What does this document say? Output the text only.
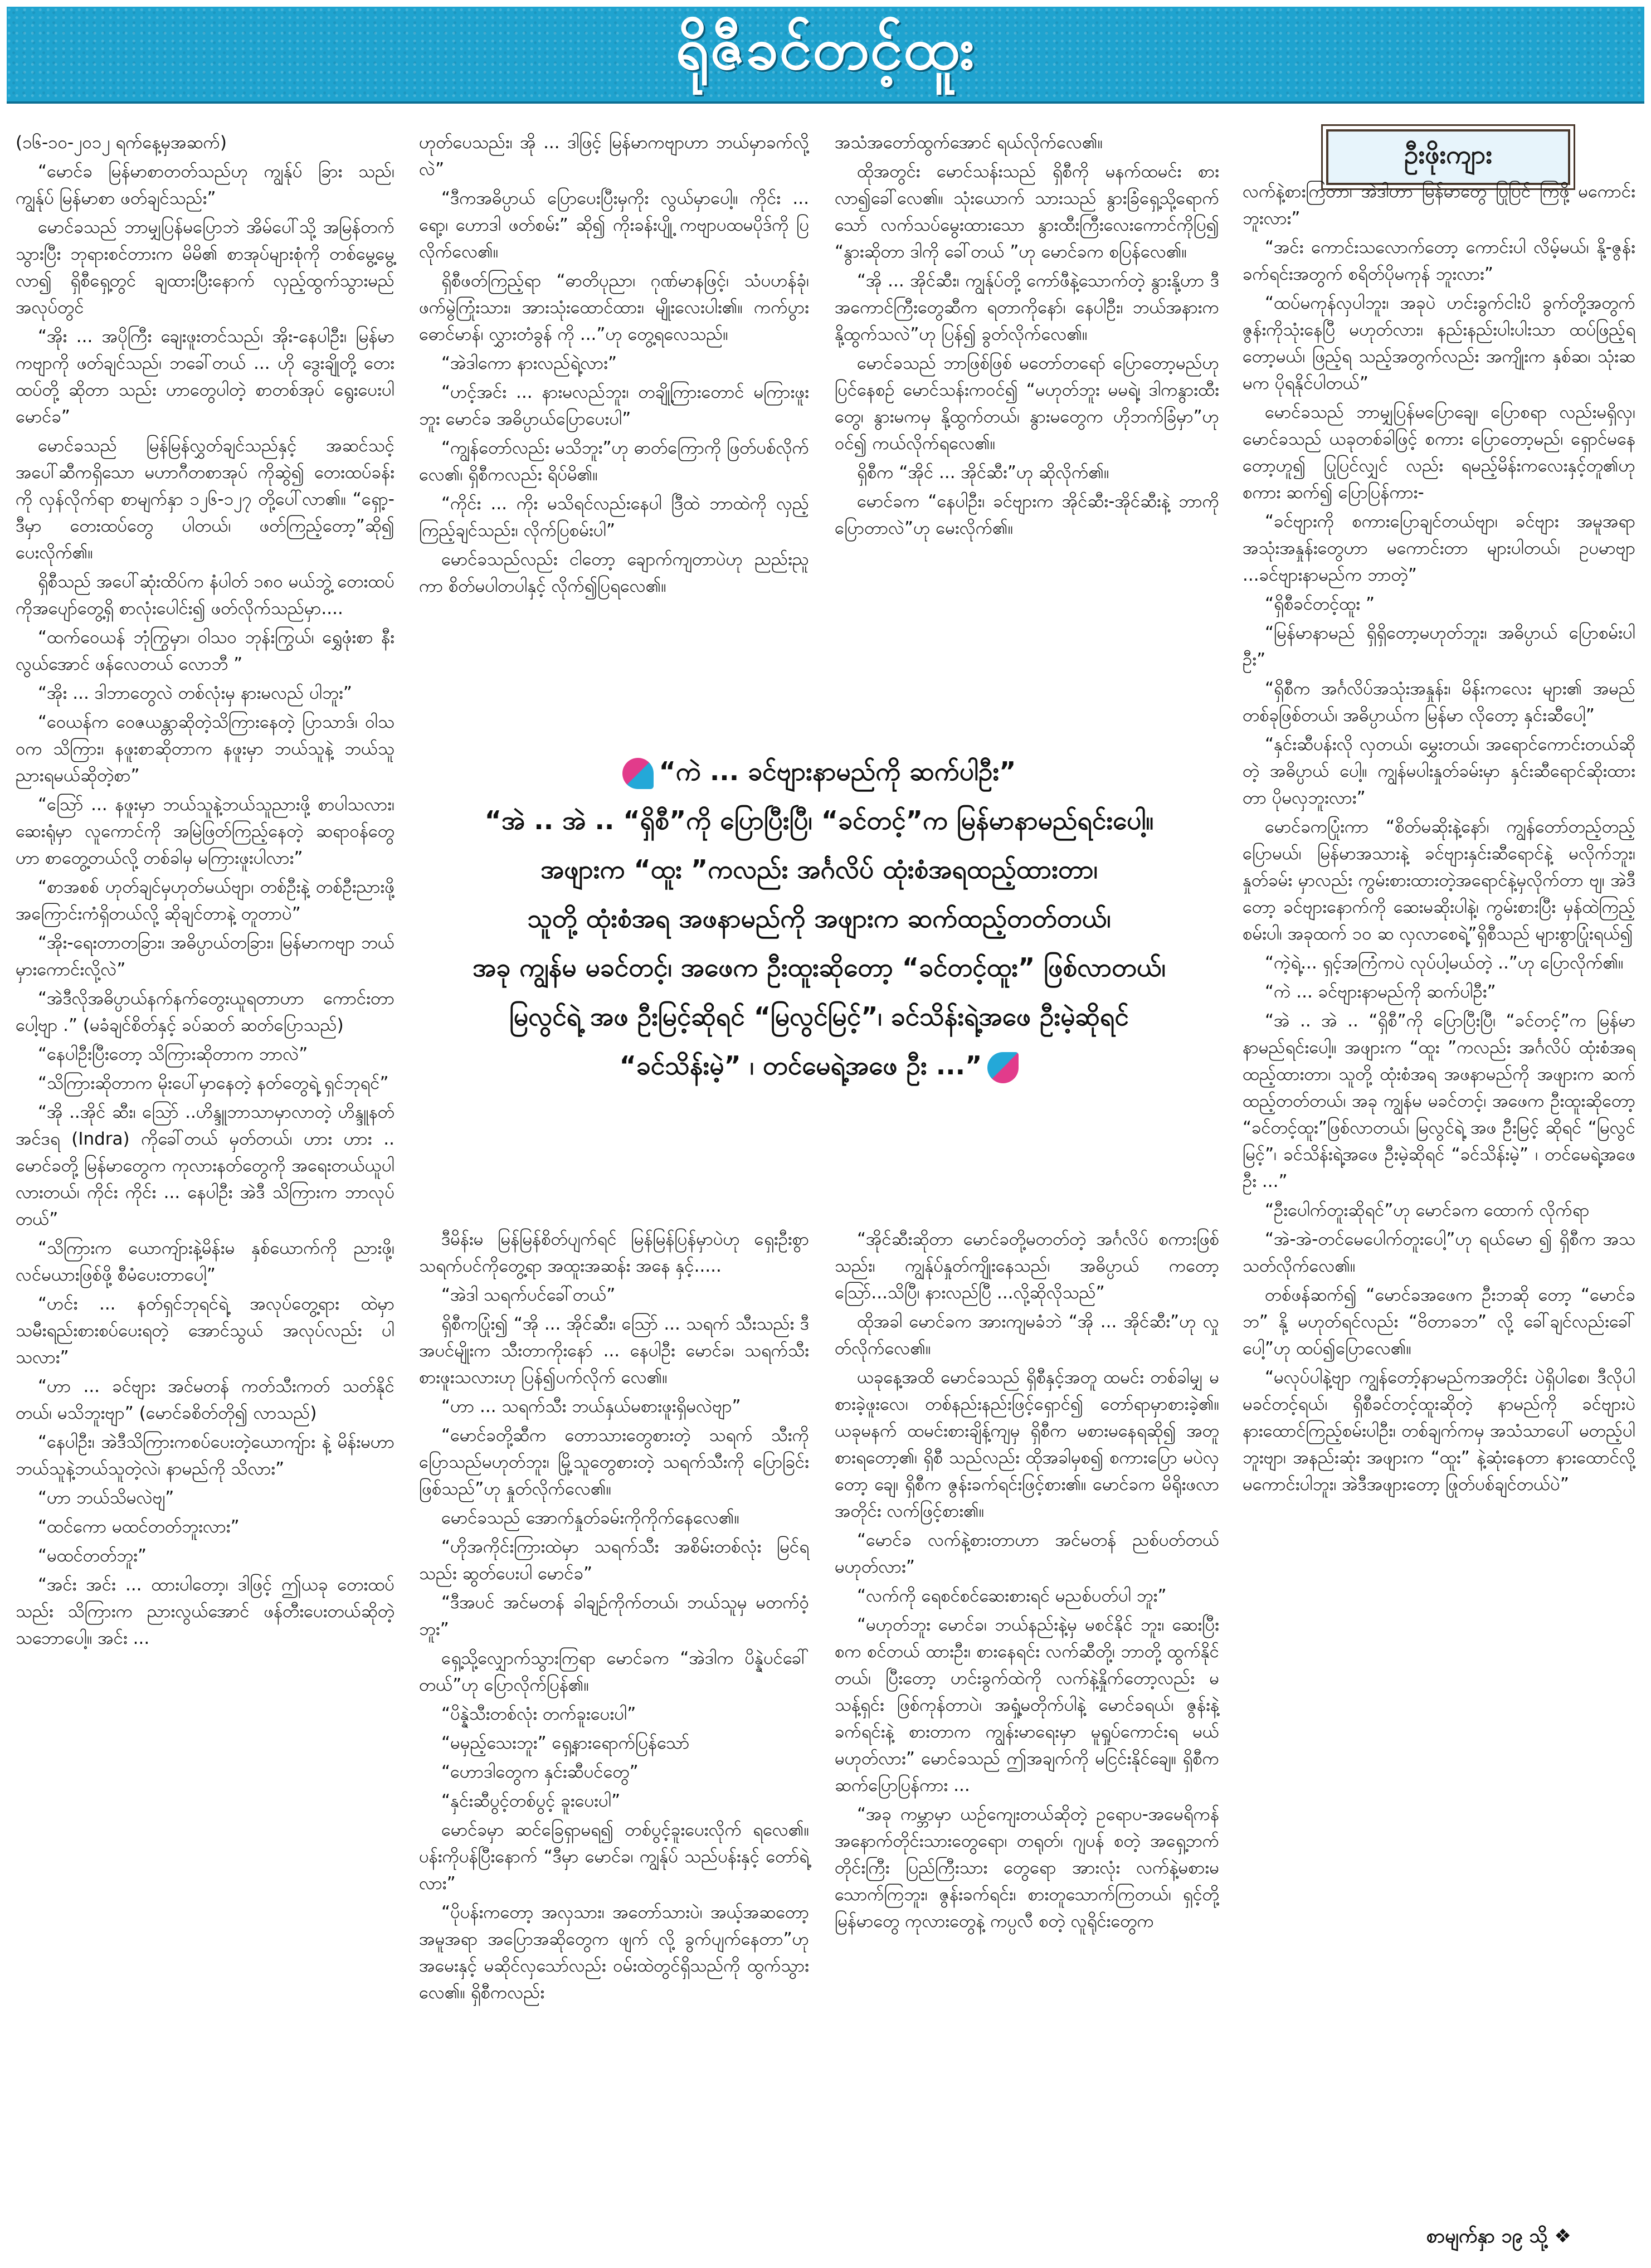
ရိုဇီခင်တင့်ထူး
ဦးဖိုးကျား

(၁၆-၁၀-၂၀၁၂ ရက်နေ့မှအဆက်)

“မောင်ခ မြန်မာစာတတ်သည်ဟု ကျွန်ုပ် ခြား သည်၊ ကျွန်ုပ် မြန်မာစာ ဖတ်ချင်သည်း”

မောင်ခသည် ဘာမျှပြန်မပြောဘဲ အိမ်ပေါ်သို့ အမြန်တက်သွားပြီး ဘုရားစင်တားက မိမိ၏ စာအုပ်များစုံကို တစ်မွေ့မွေ့လာ၍ ရှိစီရှေ့တွင် ချထားပြီးနောက် လှည့်ထွက်သွားမည်အလုပ်တွင်

“အိုး ... အပိုကြီး ချေးဖူးတင်သည်၊ အိုး-နေပါဦး၊ မြန်မာကဗျာကို ဖတ်ချင်သည်၊ ဘခေါ်တယ် ... ဟို ဒွေးချိုတို့ တေးထပ်တို့ ဆိုတာ သည်း ဟာတွေပါတဲ့ စာတစ်အုပ် ရွေးပေးပါ မောင်ခ”

မောင်ခသည် မြန်မြန်လွှတ်ချင်သည်နှင့် အဆင်သင့် အပေါ်ဆီကရှိသော မဟာဂီတစာအုပ် ကိုဆွဲ၍ တေးထပ်ခန်းကို လှန်လိုက်ရာ စာမျက်နှာ ၁၂၆-၁၂၇ တို့ပေါ်လာ၏။ “ရှော့-ဒီမှာ တေးထပ်တွေ ပါတယ်၊ ဖတ်ကြည့်တော့”ဆို၍ ပေးလိုက်၏။

ရှိစီသည် အပေါ်ဆုံးထိပ်က နံပါတ် ၁၈၀ မယ်ဘွဲ့ တေးထပ်ကိုအပျော်တွေ့ရှိ စာလုံးပေါင်း၍ ဖတ်လိုက်သည်မှာ....

“ထက်ဝေယန် ဘုံကြွမှာ၊ ဝါသဝ ဘုန်းကြွယ်၊ ရွှေဖုံးစာ နီးလွယ်အောင် ဖန်လေတယ် လောဘီ ”

“အိုး ... ဒါဘာတွေလဲ တစ်လုံးမှ နားမလည် ပါဘူး”

“ဝေယန်က ဝေဇယန္တာဆိုတဲ့သိကြားနေတဲ့ ပြာသာဒ်၊ ဝါသဝက သိကြား၊ နဖူးစာဆိုတာက နဖူးမှာ ဘယ်သူနဲ့ ဘယ်သူ ညားရမယ်ဆိုတဲ့စာ”

“ဩော် ... နဖူးမှာ ဘယ်သူနဲ့ဘယ်သူညားဖို့ စာပါသလား၊ ဆေးရုံမှာ လူကောင်ကို အမြဲဖြတ်ကြည့်နေတဲ့ ဆရာဝန်တွေဟာ စာတွေ့တယ်လို့ တစ်ခါမှ မကြားဖူးပါလား”

“စာအစစ် ဟုတ်ချင်မှဟုတ်မယ်ဗျာ၊ တစ်ဦးနဲ့ တစ်ဦးညားဖို့ အကြောင်းကံရှိတယ်လို့ ဆိုချင်တာနဲ့ တူတာပဲ”

“အိုး-ရေးတာတခြား၊ အဓိပ္ပာယ်တခြား၊ မြန်မာကဗျာ ဘယ်မှားကောင်းလို့လဲ”

“အဲဒီလိုအဓိပ္ပာယ်နက်နက်တွေးယူရတာဟာ ကောင်းတာပေါ့ဗျာ .” (မခံချင်စိတ်နှင့် ခပ်ဆတ် ဆတ်ပြောသည်)

“နေပါဦးပြီးတော့ သိကြားဆိုတာက ဘာလဲ”

“သိကြားဆိုတာက မိုးပေါ်မှာနေတဲ့ နတ်တွေရဲ့ ရှင်ဘုရင်”

“အို ..အိုင် ဆီး၊ ဩော် ..ဟိန္ဒူဘာသာမှာလာတဲ့ ဟိန္ဒူနတ်အင်ဒရ (Indra) ကိုခေါ်တယ် မှတ်တယ်၊ ဟား ဟား .. မောင်ခတို့ မြန်မာတွေက ကုလားနတ်တွေကို အရေးတယ်ယူပါလားတယ်၊ ကိုင်း ကိုင်း ... နေပါဦး အဲဒီ သိကြားက ဘာလုပ်တယ်”

“သိကြားက ယောကျ်ားနဲ့မိန်းမ နှစ်ယောက်ကို ညားဖို့၊ လင်မယားဖြစ်ဖို့ စီမံပေးတာပေါ့”

“ဟင်း ... နတ်ရှင်ဘုရင်ရဲ့ အလုပ်တွေ့ရား ထဲမှာ သမီးရည်းစားစပ်ပေးရတဲ့ အောင်သွယ် အလုပ်လည်း ပါသလား”

“ဟာ ... ခင်ဗျား အင်မတန် ကတ်သီးကတ် သတ်နိုင်တယ်၊ မသိဘူးဗျာ” (မောင်ခစိတ်တို၍ လာသည်)

“နေပါဦး၊ အဲဒီသိကြားကစပ်ပေးတဲ့ယောကျ်ား နဲ့ မိန်းမဟာ ဘယ်သူနဲ့ဘယ်သူတဲ့လဲ၊ နာမည်ကို သိလား”

“ဟာ ဘယ်သိမလဲဗျ”

“ထင်ကော မထင်တတ်ဘူးလား”

“မထင်တတ်ဘူး”

“အင်း အင်း ... ထားပါတော့၊ ဒါဖြင့် ဤယခု တေးထပ်သည်း သိကြားက ညားလွယ်အောင် ဖန်တီးပေးတယ်ဆိုတဲ့သဘောပေါ့။ အင်း ...

ဟုတ်ပေသည်း၊ အို ... ဒါဖြင့် မြန်မာကဗျာဟာ ဘယ်မှာခက်လို့လဲ”

“ဒီကအဓိပ္ပာယ် ပြောပေးပြီးမှကိုး လွယ်မှာပေါ့။ ကိုင်း ... ရော့၊ ဟောဒါ ဖတ်စမ်း” ဆို၍ ကိုးခန်းပျို့ ကဗျာပထမပိုဒ်ကို ပြလိုက်လေ၏။

ရှိစီဖတ်ကြည့်ရာ “ဓာတိပုညာ၊ ဂုဏ်မာနဖြင့်၊ သံပဟန်ခုံ၊ ဖက်မွဲကြုံးသား၊ အားသုံးထောင်ထား၊ မျိုးလေးပါး၏။ ကက်ပွားဓောင်မာန်၊ လွှားတံခွန် ကို ...”ဟု တွေ့ရလေသည်။

“အဲဒါကော နားလည်ရဲ့လား”

“ဟင့်အင်း ... နားမလည်ဘူး၊ တချို့ကြားတောင် မကြားဖူးဘူး မောင်ခ အဓိပ္ပာယ်ပြောပေးပါ”

“ကျွန်တော်လည်း မသိဘူး”ဟု ဓာတ်ကြောကို ဖြတ်ပစ်လိုက်လေ၏၊ ရှိစီကလည်း ရိပ်မိ၏။

“ကိုင်း ... ကိုး မသိရင်လည်းနေပါ ဒြီထဲ ဘာထဲကို လှည့်ကြည့်ချင်သည်း၊ လိုက်ပြစမ်းပါ”

မောင်ခသည်လည်း ငါတော့ ချောက်ကျတာပဲဟု ညည်းညူကာ စိတ်မပါတပါနှင့် လိုက်၍ပြရလေ၏။

အသံအတော်ထွက်အောင် ရယ်လိုက်လေ၏။

ထိုအတွင်း မောင်သန်းသည် ရှိစီကို မနက်ထမင်း စားလာ၍ခေါ်လေ၏။ သုံးယောက် သားသည် နွားခြံရှေ့သို့ရောက်သော် လက်သပ်မွေးထားသော နွားထီးကြီးလေးကောင်ကိုပြ၍ “နွားဆိုတာ ဒါကို ခေါ်တယ် ”ဟု မောင်ခက စပြန်လေ၏။

“အို ... အိုင်ဆီး၊ ကျွန်ုပ်တို့ ကော်ဖီနဲ့သောက်တဲ့ နွားနို့ဟာ ဒီအကောင်ကြီးတွေဆီက ရတာကိုနော်၊ နေပါဦး၊ ဘယ်အနားက နို့ထွက်သလဲ”ဟု ပြန်၍ ခွတ်လိုက်လေ၏။

မောင်ခသည် ဘာဖြစ်ဖြစ် မတော်တရော် ပြောတော့မည်ဟု ပြင်နေစဉ် မောင်သန်းကဝင်၍ “မဟုတ်ဘူး မမရဲ့၊ ဒါကနွားထီးတွေ၊ နွားမကမှ နို့ထွက်တယ်၊ နွားမတွေက ဟိုဘက်ခြံမှာ”ဟု ဝင်၍ ကယ်လိုက်ရလေ၏။

ရှိစီက “အိုင် ... အိုင်ဆီး”ဟု ဆိုလိုက်၏။

မောင်ခက “နေပါဦး၊ ခင်ဗျားက အိုင်ဆီး-အိုင်ဆီးနဲ့ ဘာကို ပြောတာလဲ”ဟု မေးလိုက်၏။

လက်နဲ့စားကြတာ၊ အဲဒါဟာ မြန်မာတွေ ပြုပြင် ကြဖို့ မကောင်းဘူးလား”

“အင်း ကောင်းသလောက်တော့ ကောင်းပါ လိမ့်မယ်၊ နို့-ဇွန်းခက်ရင်းအတွက် စရိတ်ပိုမကုန် ဘူးလား”

“ထပ်မကုန်လှပါဘူး၊ အခုပဲ ဟင်းခွက်ငါးပိ ခွက်တို့အတွက် ဇွန်းကိုသုံးနေပြီ မဟုတ်လား၊ နည်းနည်းပါးပါးသာ ထပ်ဖြည့်ရတော့မယ်၊ ဖြည့်ရ သည့်အတွက်လည်း အကျိုးက နှစ်ဆ၊ သုံးဆ မက ပိုရနိုင်ပါတယ်”

မောင်ခသည် ဘာမျှပြန်မပြောချေ၊ ပြောစရာ လည်းမရှိလှ၊ မောင်ခသည် ယခုတစ်ခါဖြင့် စကား ပြောတော့မည်၊ ရှောင်မနေတော့ဟူ၍ ပြုပြင်လျှင် လည်း ရမည့်မိန်းကလေးနှင့်တူ၏ဟု စကား ဆက်၍ ပြောပြန်ကား-

“ခင်ဗျားကို စကားပြောချင်တယ်ဗျာ၊ ခင်ဗျား အမူအရာအသုံးအနှုန်းတွေဟာ မကောင်းတာ များပါတယ်၊ ဥပမာဗျာ ...ခင်ဗျားနာမည်က ဘာတဲ့”

“ရှိစီခင်တင့်ထူး ”

“မြန်မာနာမည် ရှိရှိတော့မဟုတ်ဘူး၊ အဓိပ္ပာယ် ပြောစမ်းပါဦး”

“ရှိစီက အင်္ဂလိပ်အသုံးအနှုန်း၊ မိန်းကလေး များ၏ အမည်တစ်ခုဖြစ်တယ်၊ အဓိပ္ပာယ်က မြန်မာ လိုတော့ နှင်းဆီပေါ့”

“နှင်းဆီပန်းလို လှတယ်၊ မွှေးတယ်၊ အရောင်ကောင်းတယ်ဆိုတဲ့ အဓိပ္ပာယ် ပေါ့။ ကျွန်မပါးနှုတ်ခမ်းမှာ နှင်းဆီရောင်ဆိုးထား တာ ပိုမလှဘူးလား”

မောင်ခကပြုံးကာ “စိတ်မဆိုးနဲ့နော်၊ ကျွန်တော်တည့်တည့်ပြောမယ်၊ မြန်မာအသားနဲ့ ခင်ဗျားနှင်းဆီရောင်နဲ့ မလိုက်ဘူး၊ နှုတ်ခမ်း မှာလည်း ကွမ်းစားထားတဲ့အရောင်နဲ့မှလိုက်တာ ဗျ၊ အဲဒီတော့ ခင်ဗျားနောက်ကို ဆေးမဆိုးပါနဲ့၊ ကွမ်းစားပြီး မှန်ထဲကြည့်စမ်းပါ၊ အခုထက် ၁၀ ဆ လှလာစေရဲ့”ရှိစီသည် များစွာပြုံးရယ်၍

“ကဲ့ရဲ့... ရှင့်အကြံကပဲ လုပ်ပါ့မယ်တဲ့ ..”ဟု ပြောလိုက်၏။

“ကဲ ... ခင်ဗျားနာမည်ကို ဆက်ပါဦး”

“အဲ .. အဲ .. “ရှိစီ”ကို ပြောပြီးပြီ၊ “ခင်တင့်”က မြန်မာ နာမည်ရင်းပေါ့။ အဖျားက “ထူး ”ကလည်း အင်္ဂလိပ် ထုံးစံအရထည့်ထားတာ၊ သူတို့ ထုံးစံအရ အဖနာမည်ကို အဖျားက ဆက်ထည့်တတ်တယ်၊ အခု ကျွန်မ မခင်တင့်၊ အဖေက ဦးထူးဆိုတော့ “ခင်တင့်ထူး”ဖြစ်လာတယ်၊ မြလွင်ရဲ့ အဖ ဦးမြင့် ဆိုရင် “မြလွင်မြင့်”၊ ခင်သိန်းရဲ့အဖေ ဦးမဲ့ဆိုရင် “ခင်သိန်းမဲ့” ၊ တင်မေရဲ့အဖေ ဦး ...”

“ဦးပေါက်တူးဆိုရင်”ဟု မောင်ခက ထောက် လိုက်ရာ

“အဲ-အဲ-တင်မေပေါက်တူးပေါ့”ဟု ရယ်မော ၍ ရှိစီက အသသတ်လိုက်လေ၏။

တစ်ဖန်ဆက်၍ “မောင်ခအဖေက ဦးဘဆို တော့ “မောင်ခဘ” နို့ မဟုတ်ရင်လည်း “ဗိတာခဘ” လို့ ခေါ်ချင်လည်းခေါ်ပေါ့”ဟု ထပ်၍ပြောလေ၏။

“မလုပ်ပါနဲ့ဗျာ ကျွန်တော့်နာမည်ကအတိုင်း ပဲရှိပါစေ၊ ဒီလိုပါ မခင်တင့်ရယ်၊ ရှိစီခင်တင့်ထူးဆိုတဲ့ နာမည်ကို ခင်ဗျားပဲ နားထောင်ကြည့်စမ်းပါဦး၊ တစ်ချက်ကမှ အသံသာပေါ် မတည့်ပါဘူးဗျာ၊ အနည်းဆုံး အဖျားက “ထူး” နဲ့ဆုံးနေတာ နားထောင်လို့ မကောင်းပါဘူး၊ အဲဒီအဖျားတော့ ဖြုတ်ပစ်ချင်တယ်ပဲ”

“ကဲ ... ခင်ဗျားနာမည်ကို ဆက်ပါဦး”
“အဲ .. အဲ .. “ရှိစီ”ကို ပြောပြီးပြီ၊ “ခင်တင့်”က မြန်မာနာမည်ရင်းပေါ့။
အဖျားက “ထူး ”ကလည်း အင်္ဂလိပ် ထုံးစံအရထည့်ထားတာ၊
သူတို့ ထုံးစံအရ အဖနာမည်ကို အဖျားက ဆက်ထည့်တတ်တယ်၊
အခု ကျွန်မ မခင်တင့်၊ အဖေက ဦးထူးဆိုတော့ “ခင်တင့်ထူး” ဖြစ်လာတယ်၊
မြလွင်ရဲ့ အဖ ဦးမြင့်ဆိုရင် “မြလွင်မြင့်”၊ ခင်သိန်းရဲ့အဖေ ဦးမဲ့ဆိုရင်
“ခင်သိန်းမဲ့” ၊ တင်မေရဲ့အဖေ ဦး ...”

ဒီမိန်းမ မြန်မြန်စိတ်ပျက်ရင် မြန်မြန်ပြန်မှာပဲဟု ရှေးဦးစွာ သရက်ပင်ကိုတွေ့ရာ အထူးအဆန်း အနေ နှင့်.....

“အဲဒါ သရက်ပင်ခေါ်တယ်”

ရှိစီကပြုံး၍ “အို ... အိုင်ဆီး၊ ဩော် ... သရက် သီးသည်း ဒီအပင်မျိုးက သီးတာကိုးနော် ... နေပါဦး မောင်ခ၊ သရက်သီး စားဖူးသလားဟု ပြန်၍ပက်လိုက် လေ၏။

“ဟာ ... သရက်သီး ဘယ်နှယ်မစားဖူးရှိမလဲဗျာ”

“မောင်ခတို့ဆီက တောသားတွေစားတဲ့ သရက် သီးကို ပြောသည်မဟုတ်ဘူး၊ မြို့သူတွေစားတဲ့ သရက်သီးကို ပြောခြင်းဖြစ်သည်”ဟု နှုတ်လိုက်လေ၏။

မောင်ခသည် အောက်နှုတ်ခမ်းကိုကိုက်နေလေ၏။

“ဟိုအကိုင်းကြားထဲမှာ သရက်သီး အစိမ်းတစ်လုံး မြင်ရသည်း ဆွတ်ပေးပါ မောင်ခ”

“ဒီအပင် အင်မတန် ခါချဉ်ကိုက်တယ်၊ ဘယ်သူမှ မတက်ဝံ့ဘူး”

ရှေ့သို့လျှောက်သွားကြရာ မောင်ခက “အဲဒါက ပိန္နဲပင်ခေါ်တယ်”ဟု ပြောလိုက်ပြန်၏။

“ပိန္နဲသီးတစ်လုံး တက်ခူးပေးပါ”

“မမှည့်သေးဘူး” ရှေ့နားရောက်ပြန်သော်

“ဟောဒါတွေက နှင်းဆီပင်တွေ”

“နှင်းဆီပွင့်တစ်ပွင့် ခူးပေးပါ”

မောင်ခမှာ ဆင်ခြေရှာမရ၍ တစ်ပွင့်ခူးပေးလိုက် ရလေ၏။ ပန်းကိုပန်ပြီးနောက် “ဒီမှာ မောင်ခ၊ ကျွန်ုပ် သည်ပန်းနှင့် တော်ရဲ့လား”

“ပိုပန်းကတော့ အလှသား၊ အတော်သားပဲ၊ အယ့်အဆ​တော့ အမူအရာ အပြောအဆိုတွေက ဖျက် လို့ ခွက်ပျက်နေတာ”ဟု အမေးနှင့် မဆိုင်လှသော်လည်း ဝမ်းထဲတွင်ရှိသည်ကို ထွက်သွားလေ၏။ ရှိစီကလည်း

“အိုင်ဆီးဆိုတာ မောင်ခတို့မတတ်တဲ့ အင်္ဂလိပ် စကားဖြစ်သည်း၊ ကျွန်ုပ်နှုတ်ကျိုးနေသည်၊ အဓိပ္ပာယ် ကတော့ ဩော်...သိပြီ၊ နားလည်ပြီ ...လို့ဆိုလိုသည်”

ထိုအခါ မောင်ခက အားကျမခံဘဲ “အို ... အိုင်ဆီး”ဟု လှုတ်လိုက်လေ၏။

ယခုနေ့အထိ မောင်ခသည် ရှိစီနှင့်အတူ ထမင်း တစ်ခါမျှ မစားခဲ့ဖူးလေ၊ တစ်နည်းနည်းဖြင့်ရှောင်၍ တော်ရာမှာစားခဲ့၏။ ယခုမနက် ထမင်းစားချိန့်ကျမှ ရှိစီက မစားမနေရဆို၍ အတူစားရတော့၏၊ ရှိစီ သည်လည်း ထိုအခါမှစ၍ စကားပြော မပဲလှတော့ ချေ၊ ရှိစီက ဇွန်းခက်ရင်းဖြင့်စား၏။ မောင်ခက မိရိုးဖလာအတိုင်း လက်ဖြင့်စား၏။

“မောင်ခ လက်နဲ့စားတာဟာ အင်မတန် ညစ်ပတ်တယ် မဟုတ်လား”

“လက်ကို ရေစင်စင်ဆေးစားရင် မညစ်ပတ်ပါ ဘူး”

“မဟုတ်ဘူး မောင်ခ၊ ဘယ်နည်းနဲ့မှ မစင်နိုင် ဘူး၊ ဆေးပြီးစက စင်တယ် ထားဦး၊ စားနေရင်း လက်ဆီတို့၊ ဘာတို့ ထွက်နိုင်တယ်၊ ပြီးတော့ ဟင်းခွက်ထဲကို လက်နဲ့နှိုက်တော့လည်း မသန့်ရှင်း ဖြစ်ကုန်တာပဲ၊ အရှုံ့မတိုက်ပါနဲ့ မောင်ခရယ်၊ ဇွန်းနဲ့ ခက်ရင်းနဲ့ စားတာက ကျွန်းမာရေးမှာ မူရှုပ်ကောင်းရ မယ်မဟုတ်လား” မောင်ခသည် ဤအချက်ကို မငြင်းနိုင်ချေ။ ရှိစီက ဆက်ပြောပြန်ကား ...

“အခု ကမ္ဘာမှာ ယဉ်ကျေးတယ်ဆိုတဲ့ ဥရောပ-အမေရိကန်အနောက်တိုင်းသားတွေရော၊ တရုတ်၊ ဂျပန် စတဲ့ အရှေ့ဘက် တိုင်းကြီး ပြည်ကြီးသား တွေရော အားလုံး လက်နဲ့မစားမသောက်ကြဘူး၊ ဇွန်းခက်ရင်း၊ စားတူသောက်ကြတယ်၊ ရှင့်တို့ မြန်မာတွေ ကုလားတွေနဲ့ ကပ္ပလီ စတဲ့ လူရိုင်းတွေက

စာမျက်နှာ ၁၉ သို့ ❖
